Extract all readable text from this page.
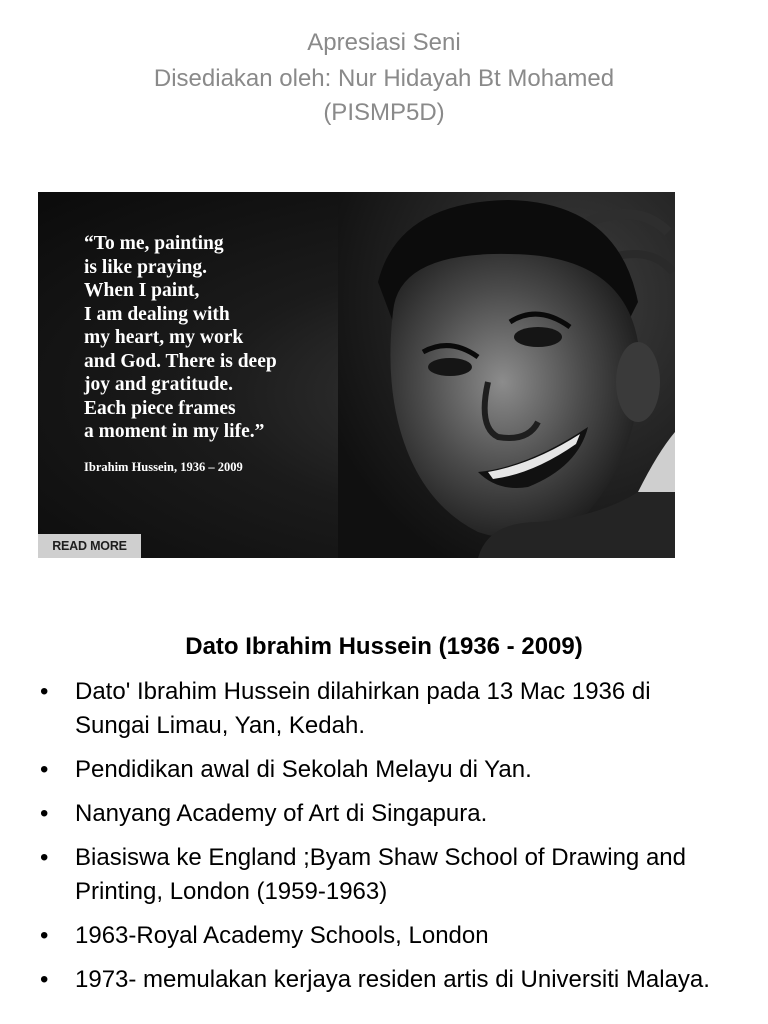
Apresiasi Seni
Disediakan oleh: Nur Hidayah Bt Mohamed
(PISMP5D)
“To me, painting
is like praying.
When I paint,
I am dealing with
my heart, my work
and God. There is deep
joy and gratitude.
Each piece frames
a moment in my life.”
Ibrahim Hussein, 1936 – 2009
READ MORE
Dato Ibrahim Hussein (1936 - 2009)
•	Dato' Ibrahim Hussein dilahirkan pada 13 Mac 1936 di Sungai Limau, Yan, Kedah.
•	Pendidikan awal di Sekolah Melayu di Yan.
•	Nanyang Academy of Art di Singapura.
•	Biasiswa ke England ;Byam Shaw School of Drawing and Printing, London (1959-1963)
•	1963-Royal Academy Schools, London
•	1973- memulakan kerjaya residen artis di Universiti Malaya.
